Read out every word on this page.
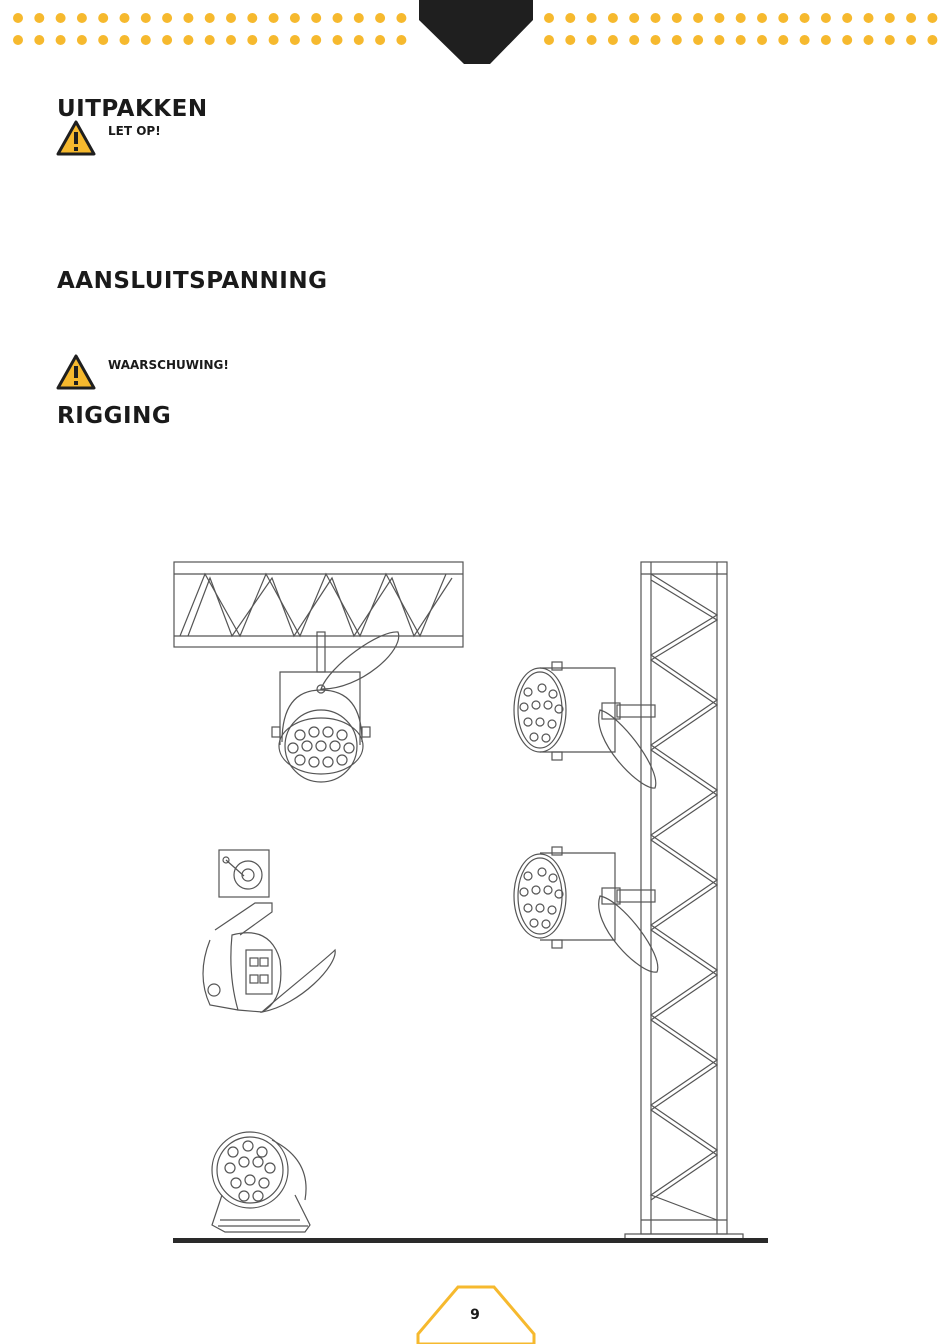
UITPAKKEN

LET OP!

AANSLUITSPANNING

WAARSCHUWING!

RIGGING
9
